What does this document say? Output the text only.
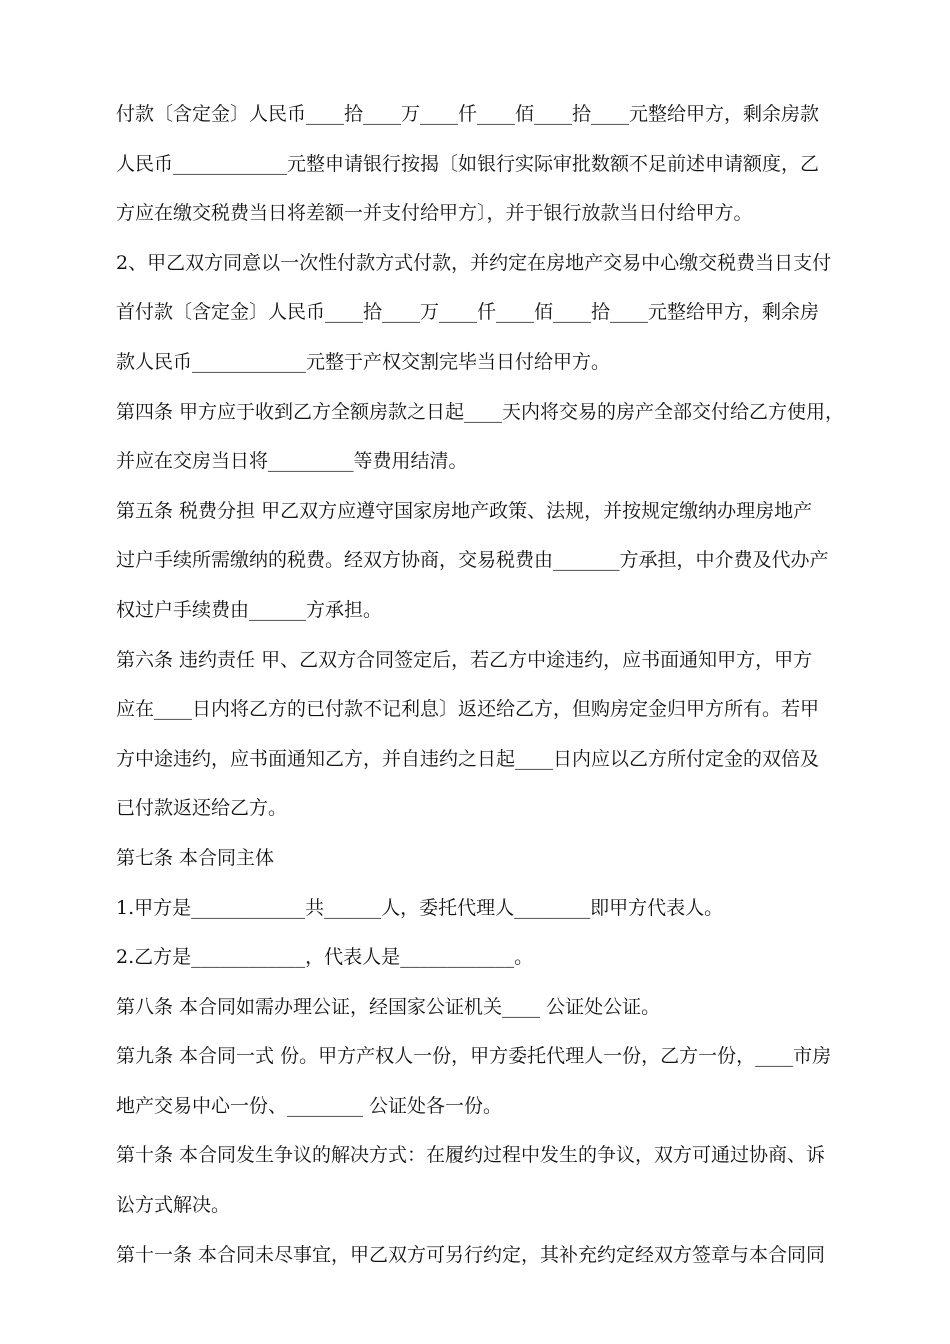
付款〔含定金〕人民币____拾____万____仟____佰____拾____元整给甲方，剩余房款
人民币____________元整申请银行按揭〔如银行实际审批数额不足前述申请额度，乙
方应在缴交税费当日将差额一并支付给甲方〕，并于银行放款当日付给甲方。
2、甲乙双方同意以一次性付款方式付款，并约定在房地产交易中心缴交税费当日支付
首付款〔含定金〕人民币____拾____万____仟____佰____拾____元整给甲方，剩余房
款人民币____________元整于产权交割完毕当日付给甲方。
第四条 甲方应于收到乙方全额房款之日起____天内将交易的房产全部交付给乙方使用，
并应在交房当日将_________等费用结清。
第五条 税费分担 甲乙双方应遵守国家房地产政策、法规，并按规定缴纳办理房地产
过户手续所需缴纳的税费。经双方协商，交易税费由_______方承担，中介费及代办产
权过户手续费由______方承担。
第六条 违约责任 甲、乙双方合同签定后，若乙方中途违约，应书面通知甲方，甲方
应在____日内将乙方的已付款不记利息〕返还给乙方，但购房定金归甲方所有。若甲
方中途违约，应书面通知乙方，并自违约之日起____日内应以乙方所付定金的双倍及
已付款返还给乙方。
第七条 本合同主体
1.甲方是____________共______人，委托代理人________即甲方代表人。
2.乙方是____________，代表人是____________。
第八条 本合同如需办理公证，经国家公证机关____ 公证处公证。
第九条 本合同一式 份。甲方产权人一份，甲方委托代理人一份，乙方一份，____市房
地产交易中心一份、________ 公证处各一份。
第十条 本合同发生争议的解决方式：在履约过程中发生的争议，双方可通过协商、诉
讼方式解决。
第十一条 本合同未尽事宜，甲乙双方可另行约定，其补充约定经双方签章与本合同同
